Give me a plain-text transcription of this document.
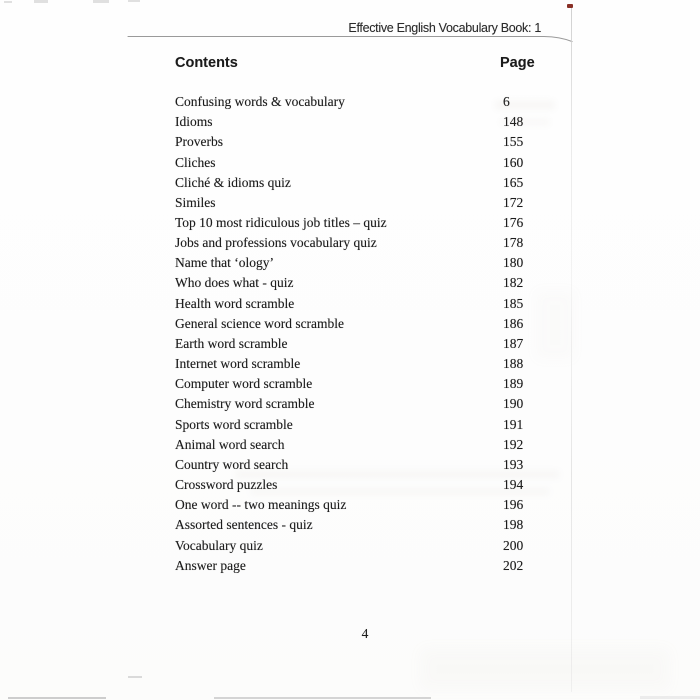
Effective English Vocabulary Book: 1
Contents	Page
Confusing words & vocabulary	6
Idioms	148
Proverbs	155
Cliches	160
Cliché & idioms quiz	165
Similes	172
Top 10 most ridiculous job titles – quiz	176
Jobs and professions vocabulary quiz	178
Name that ‘ology’	180
Who does what - quiz	182
Health word scramble	185
General science word scramble	186
Earth word scramble	187
Internet word scramble	188
Computer word scramble	189
Chemistry word scramble	190
Sports word scramble	191
Animal word search	192
Country word search	193
Crossword puzzles	194
One word -- two meanings quiz	196
Assorted sentences - quiz	198
Vocabulary quiz	200
Answer page	202
4
